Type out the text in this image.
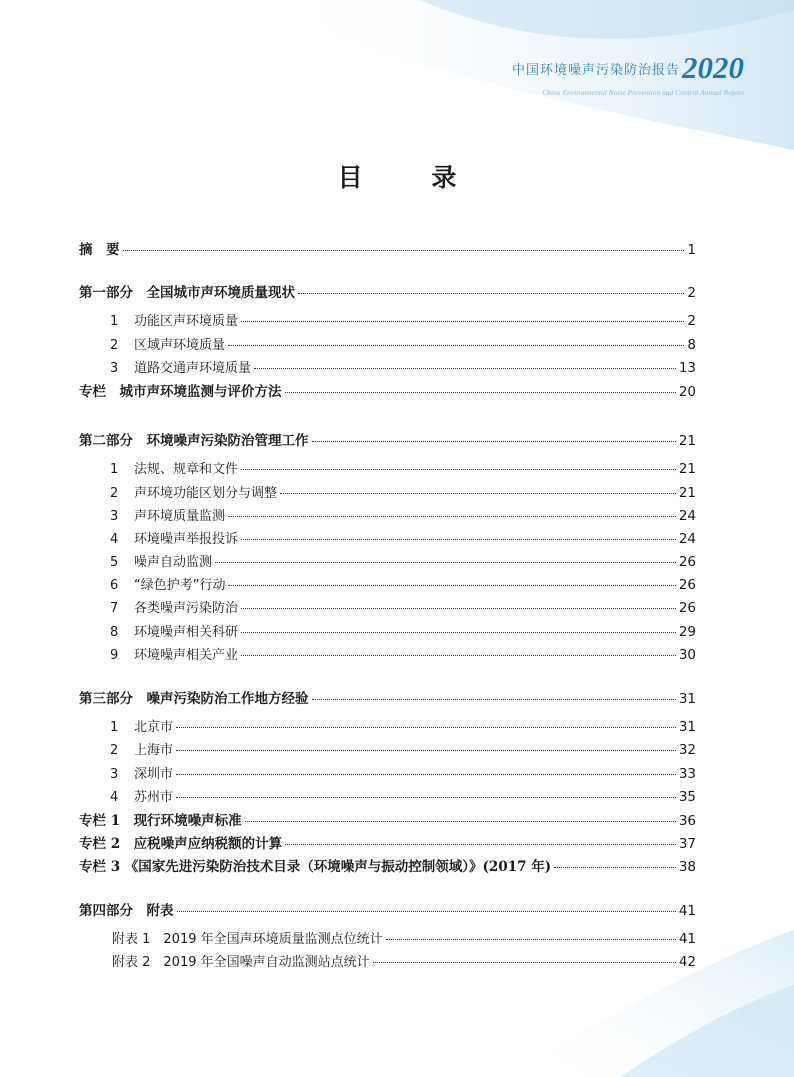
中国环境噪声污染防治报告2020
China Environmental Noise Prevention and Control Annual Report
目 录
摘　要	1
第一部分　全国城市声环境质量现状	2
1 功能区声环境质量	2
2 区域声环境质量	8
3 道路交通声环境质量	13
专栏　城市声环境监测与评价方法	20
第二部分　环境噪声污染防治管理工作	21
1 法规、规章和文件	21
2 声环境功能区划分与调整	21
3 声环境质量监测	24
4 环境噪声举报投诉	24
5 噪声自动监测	26
6 “绿色护考”行动	26
7 各类噪声污染防治	26
8 环境噪声相关科研	29
9 环境噪声相关产业	30
第三部分　噪声污染防治工作地方经验	31
1 北京市	31
2 上海市	32
3 深圳市	33
4 苏州市	35
专栏 1　现行环境噪声标准	36
专栏 2　应税噪声应纳税额的计算	37
专栏 3 《国家先进污染防治技术目录（环境噪声与振动控制领域）》(2017 年)	38
第四部分　附表	41
附表 1　2019 年全国声环境质量监测点位统计	41
附表 2　2019 年全国噪声自动监测站点统计	42
